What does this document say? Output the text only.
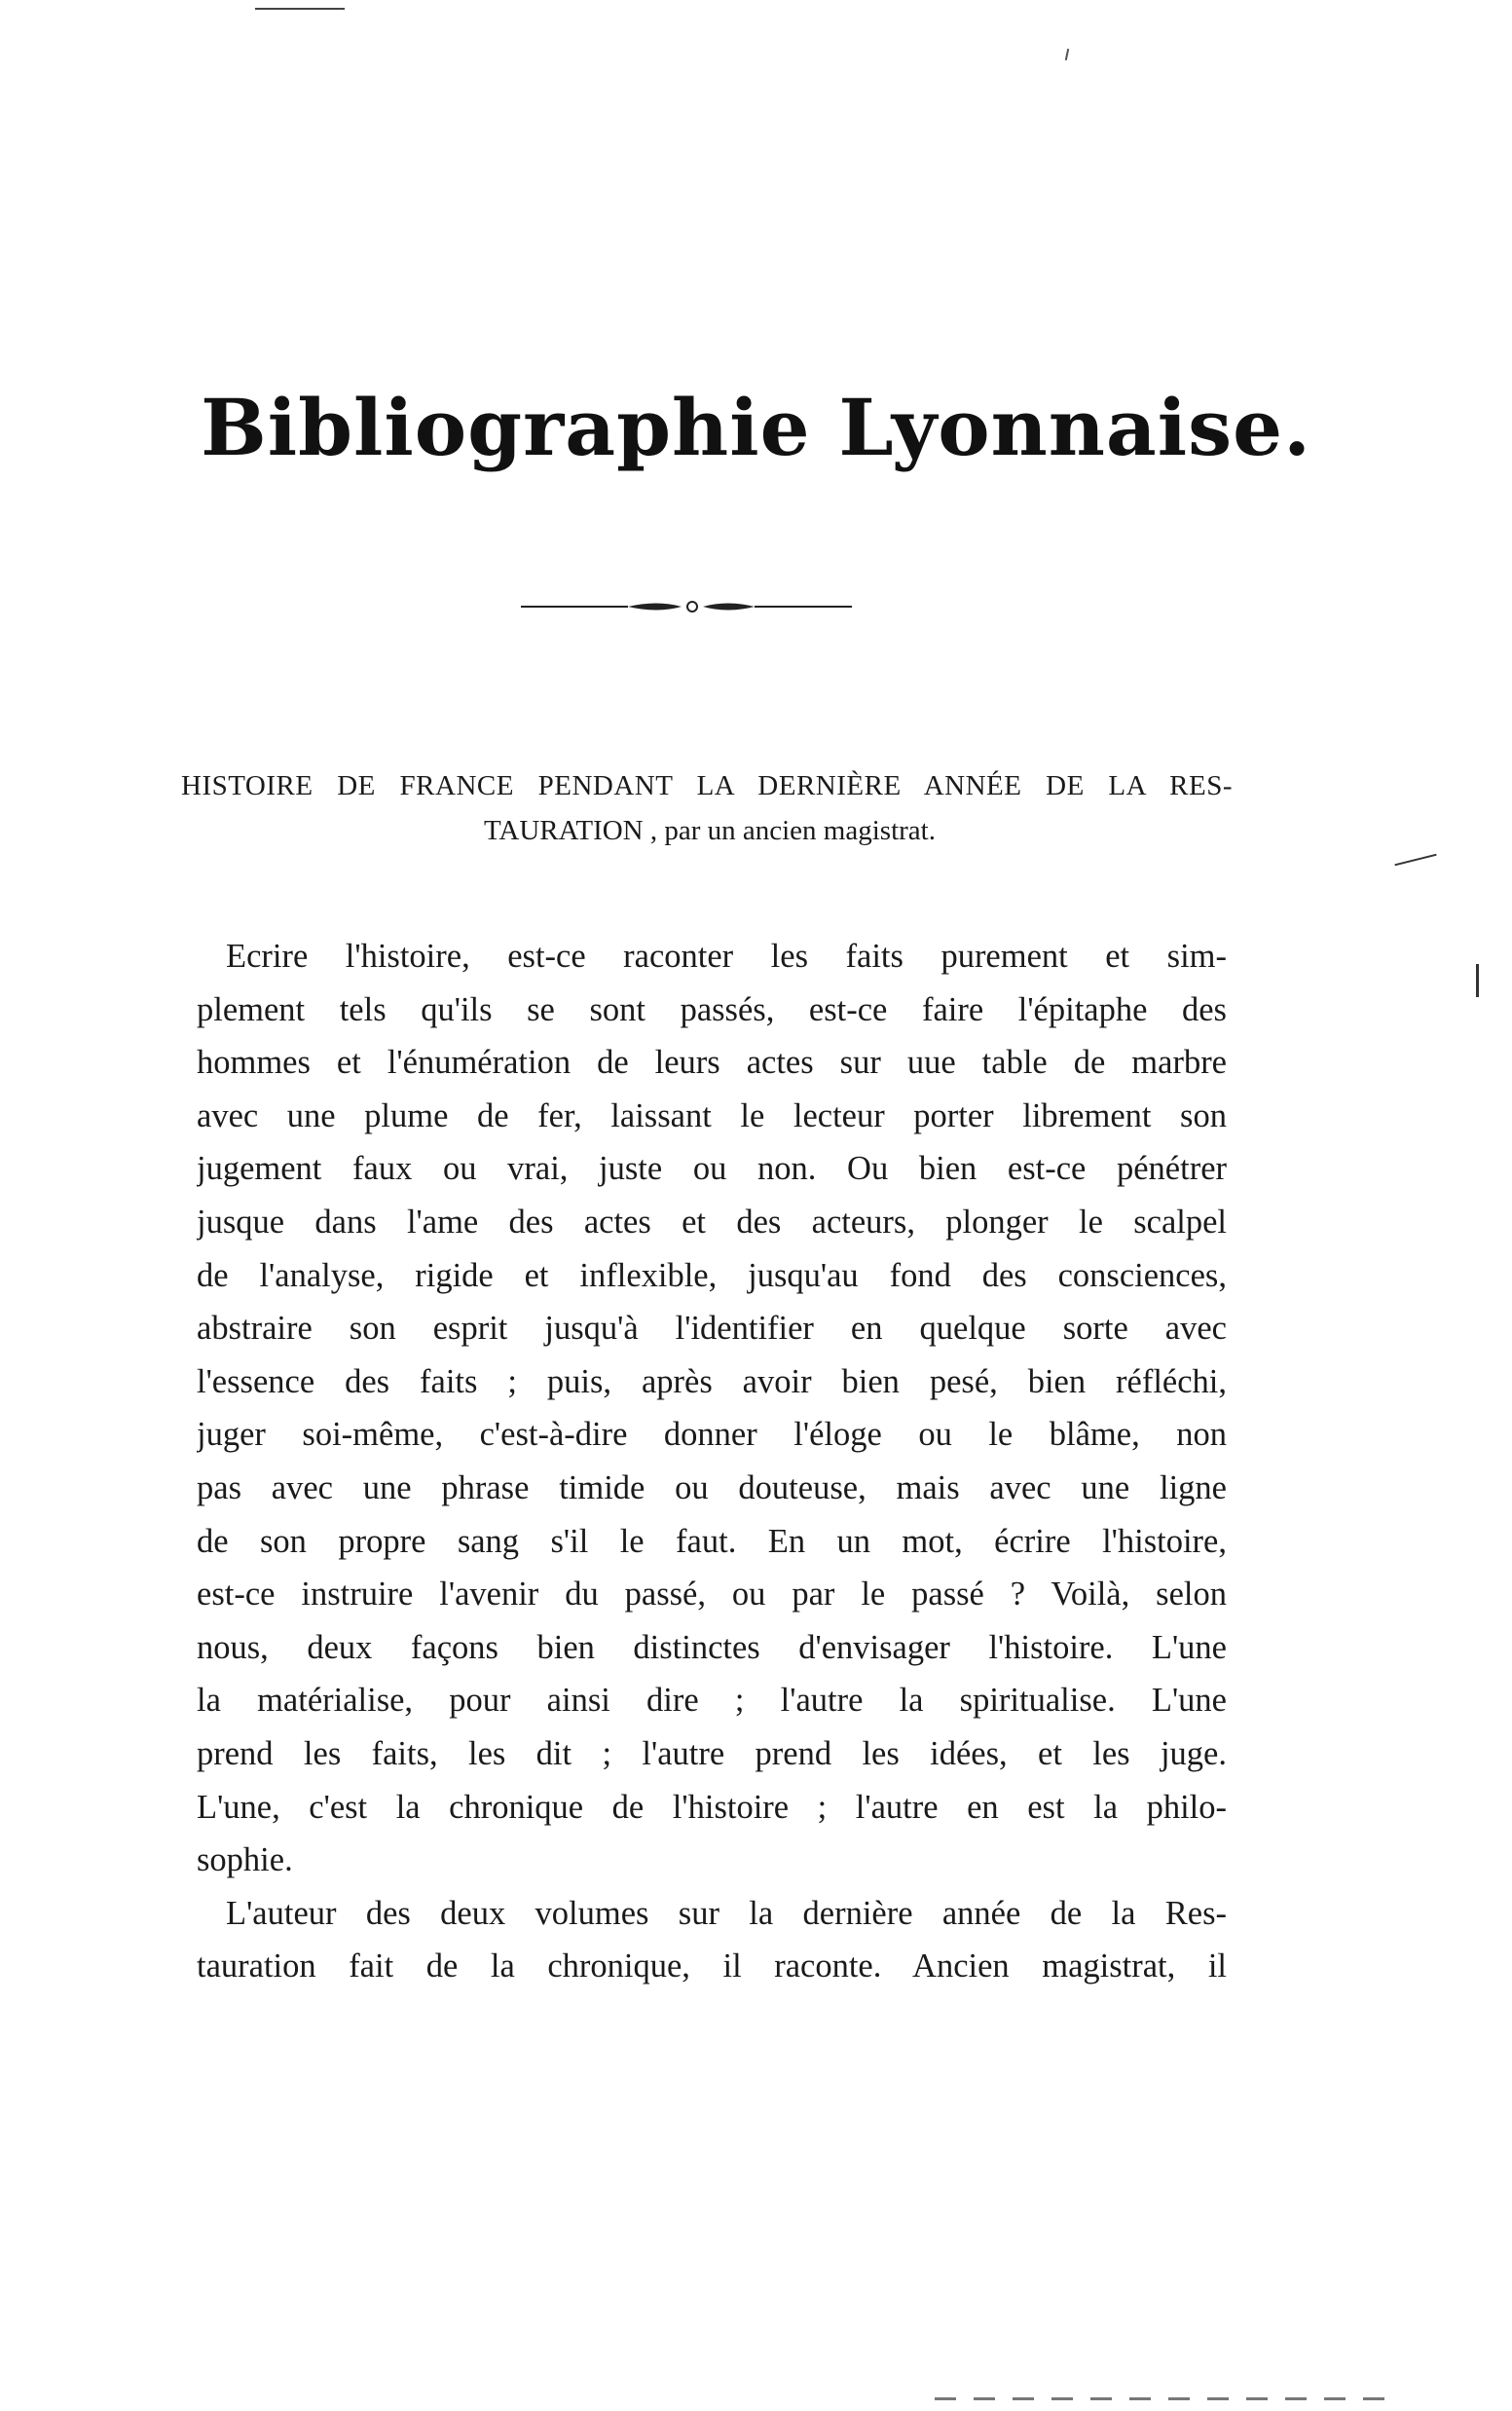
Bibliographie Lyonnaise.
HISTOIRE DE FRANCE PENDANT LA DERNIÈRE ANNÉE DE LA RES-
TAURATION , par un ancien magistrat.
Ecrire l'histoire, est-ce raconter les faits purement et sim-
plement tels qu'ils se sont passés, est-ce faire l'épitaphe des
hommes et l'énumération de leurs actes sur uue table de marbre
avec une plume de fer, laissant le lecteur porter librement son
jugement faux ou vrai, juste ou non. Ou bien est-ce pénétrer
jusque dans l'ame des actes et des acteurs, plonger le scalpel
de l'analyse, rigide et inflexible, jusqu'au fond des consciences,
abstraire son esprit jusqu'à l'identifier en quelque sorte avec
l'essence des faits ; puis, après avoir bien pesé, bien réfléchi,
juger soi-même, c'est-à-dire donner l'éloge ou le blâme, non
pas avec une phrase timide ou douteuse, mais avec une ligne
de son propre sang s'il le faut. En un mot, écrire l'histoire,
est-ce instruire l'avenir du passé, ou par le passé ? Voilà, selon
nous, deux façons bien distinctes d'envisager l'histoire. L'une
la matérialise, pour ainsi dire ; l'autre la spiritualise. L'une
prend les faits, les dit ; l'autre prend les idées, et les juge.
L'une, c'est la chronique de l'histoire ; l'autre en est la philo-
sophie.
L'auteur des deux volumes sur la dernière année de la Res-
tauration fait de la chronique, il raconte. Ancien magistrat, il
